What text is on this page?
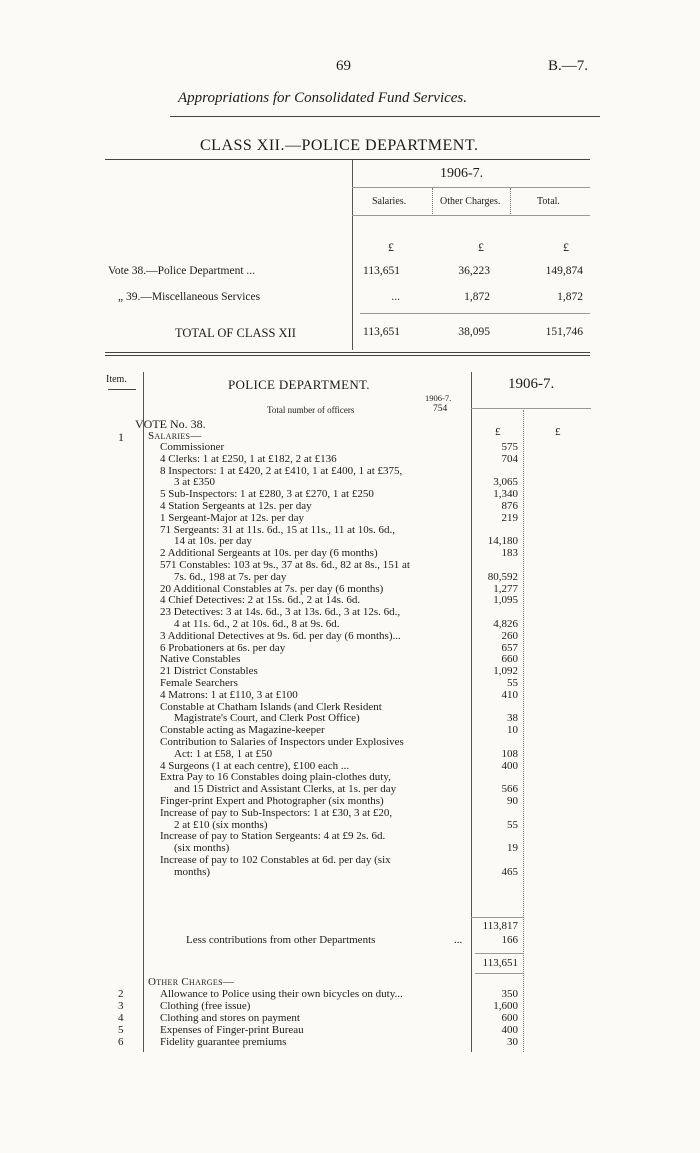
69	B.—7.
Appropriations for Consolidated Fund Services.
CLASS XII.—POLICE DEPARTMENT.
1906-7.
Salaries.	Other Charges.	Total.
£	£	£
Vote 38.—Police Department ...	113,651	36,223	149,874
„ 39.—Miscellaneous Services	...	1,872	1,872
TOTAL OF CLASS XII	113,651	38,095	151,746
Item.	POLICE DEPARTMENT.	1906-7.
1906-7.
Total number of officers	754
VOTE No. 38.
1 Salaries—	£	£
Commissioner	575
4 Clerks: 1 at £250, 1 at £182, 2 at £136	704
8 Inspectors: 1 at £420, 2 at £410, 1 at £400, 1 at £375,
3 at £350	3,065
5 Sub-Inspectors: 1 at £280, 3 at £270, 1 at £250	1,340
4 Station Sergeants at 12s. per day	876
1 Sergeant-Major at 12s. per day	219
71 Sergeants: 31 at 11s. 6d., 15 at 11s., 11 at 10s. 6d.,
14 at 10s. per day	14,180
2 Additional Sergeants at 10s. per day (6 months)	183
571 Constables: 103 at 9s., 37 at 8s. 6d., 82 at 8s., 151 at
7s. 6d., 198 at 7s. per day	80,592
20 Additional Constables at 7s. per day (6 months)	1,277
4 Chief Detectives: 2 at 15s. 6d., 2 at 14s. 6d.	1,095
23 Detectives: 3 at 14s. 6d., 3 at 13s. 6d., 3 at 12s. 6d.,
4 at 11s. 6d., 2 at 10s. 6d., 8 at 9s. 6d.	4,826
3 Additional Detectives at 9s. 6d. per day (6 months)...	260
6 Probationers at 6s. per day	657
Native Constables	660
21 District Constables	1,092
Female Searchers	55
4 Matrons: 1 at £110, 3 at £100	410
Constable at Chatham Islands (and Clerk Resident
Magistrate's Court, and Clerk Post Office)	38
Constable acting as Magazine-keeper	10
Contribution to Salaries of Inspectors under Explosives
Act: 1 at £58, 1 at £50	108
4 Surgeons (1 at each centre), £100 each ...	400
Extra Pay to 16 Constables doing plain-clothes duty,
and 15 District and Assistant Clerks, at 1s. per day	566
Finger-print Expert and Photographer (six months)	90
Increase of pay to Sub-Inspectors: 1 at £30, 3 at £20,
2 at £10 (six months)	55
Increase of pay to Station Sergeants: 4 at £9 2s. 6d.
(six months)	19
Increase of pay to 102 Constables at 6d. per day (six
months)	465
113,817
Less contributions from other Departments	...	166
113,651
Other Charges—
2	Allowance to Police using their own bicycles on duty...	350
3	Clothing (free issue)	1,600
4	Clothing and stores on payment	600
5	Expenses of Finger-print Bureau	400
6	Fidelity guarantee premiums	30
